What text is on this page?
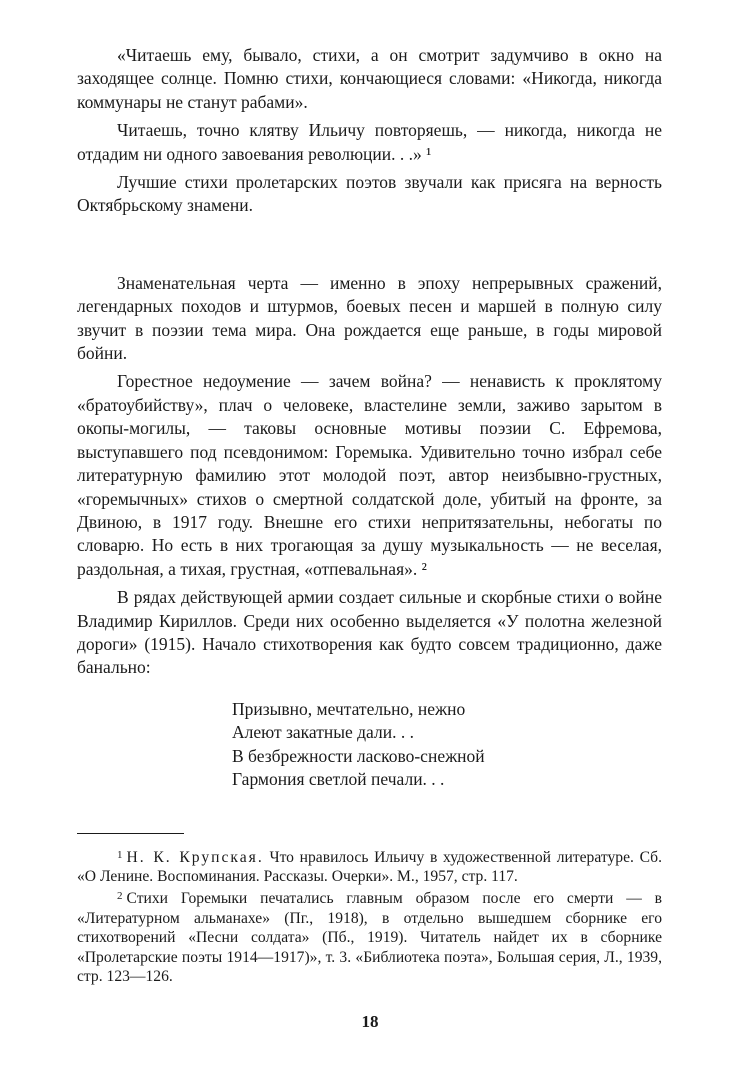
«Читаешь ему, бывало, стихи, а он смотрит задумчиво в окно на заходящее солнце. Помню стихи, кончающиеся словами: «Никогда, никогда коммунары не станут рабами».

Читаешь, точно клятву Ильичу повторяешь, — никогда, никогда не отдадим ни одного завоевания революции. . .» ¹

Лучшие стихи пролетарских поэтов звучали как присяга на верность Октябрьскому знамени.

Знаменательная черта — именно в эпоху непрерывных сражений, легендарных походов и штурмов, боевых песен и маршей в полную силу звучит в поэзии тема мира. Она рождается еще раньше, в годы мировой бойни.

Горестное недоумение — зачем война? — ненависть к проклятому «братоубийству», плач о человеке, властелине земли, заживо зарытом в окопы-могилы, — таковы основные мотивы поэзии С. Ефремова, выступавшего под псевдонимом: Горемыка. Удивительно точно избрал себе литературную фамилию этот молодой поэт, автор неизбывно-грустных, «горемычных» стихов о смертной солдатской доле, убитый на фронте, за Двиною, в 1917 году. Внешне его стихи непритязательны, небогаты по словарю. Но есть в них трогающая за душу музыкальность — не веселая, раздольная, а тихая, грустная, «отпевальная». ²

В рядах действующей армии создает сильные и скорбные стихи о войне Владимир Кириллов. Среди них особенно выделяется «У полотна железной дороги» (1915). Начало стихотворения как будто совсем традиционно, даже банально:

Призывно, мечтательно, нежно
Алеют закатные дали. . .
В безбрежности ласково-снежной
Гармония светлой печали. . .

$^1$ Н. К. Крупская. Что нравилось Ильичу в художественной литературе. Сб. «О Ленине. Воспоминания. Рассказы. Очерки». М., 1957, стр. 117.

$^2$ Стихи Горемыки печатались главным образом после его смерти — в «Литературном альманахе» (Пг., 1918), в отдельно вышедшем сборнике его стихотворений «Песни солдата» (Пб., 1919). Читатель найдет их в сборнике «Пролетарские поэты 1914—1917)», т. 3. «Библиотека поэта», Большая серия, Л., 1939, стр. 123—126.

18
